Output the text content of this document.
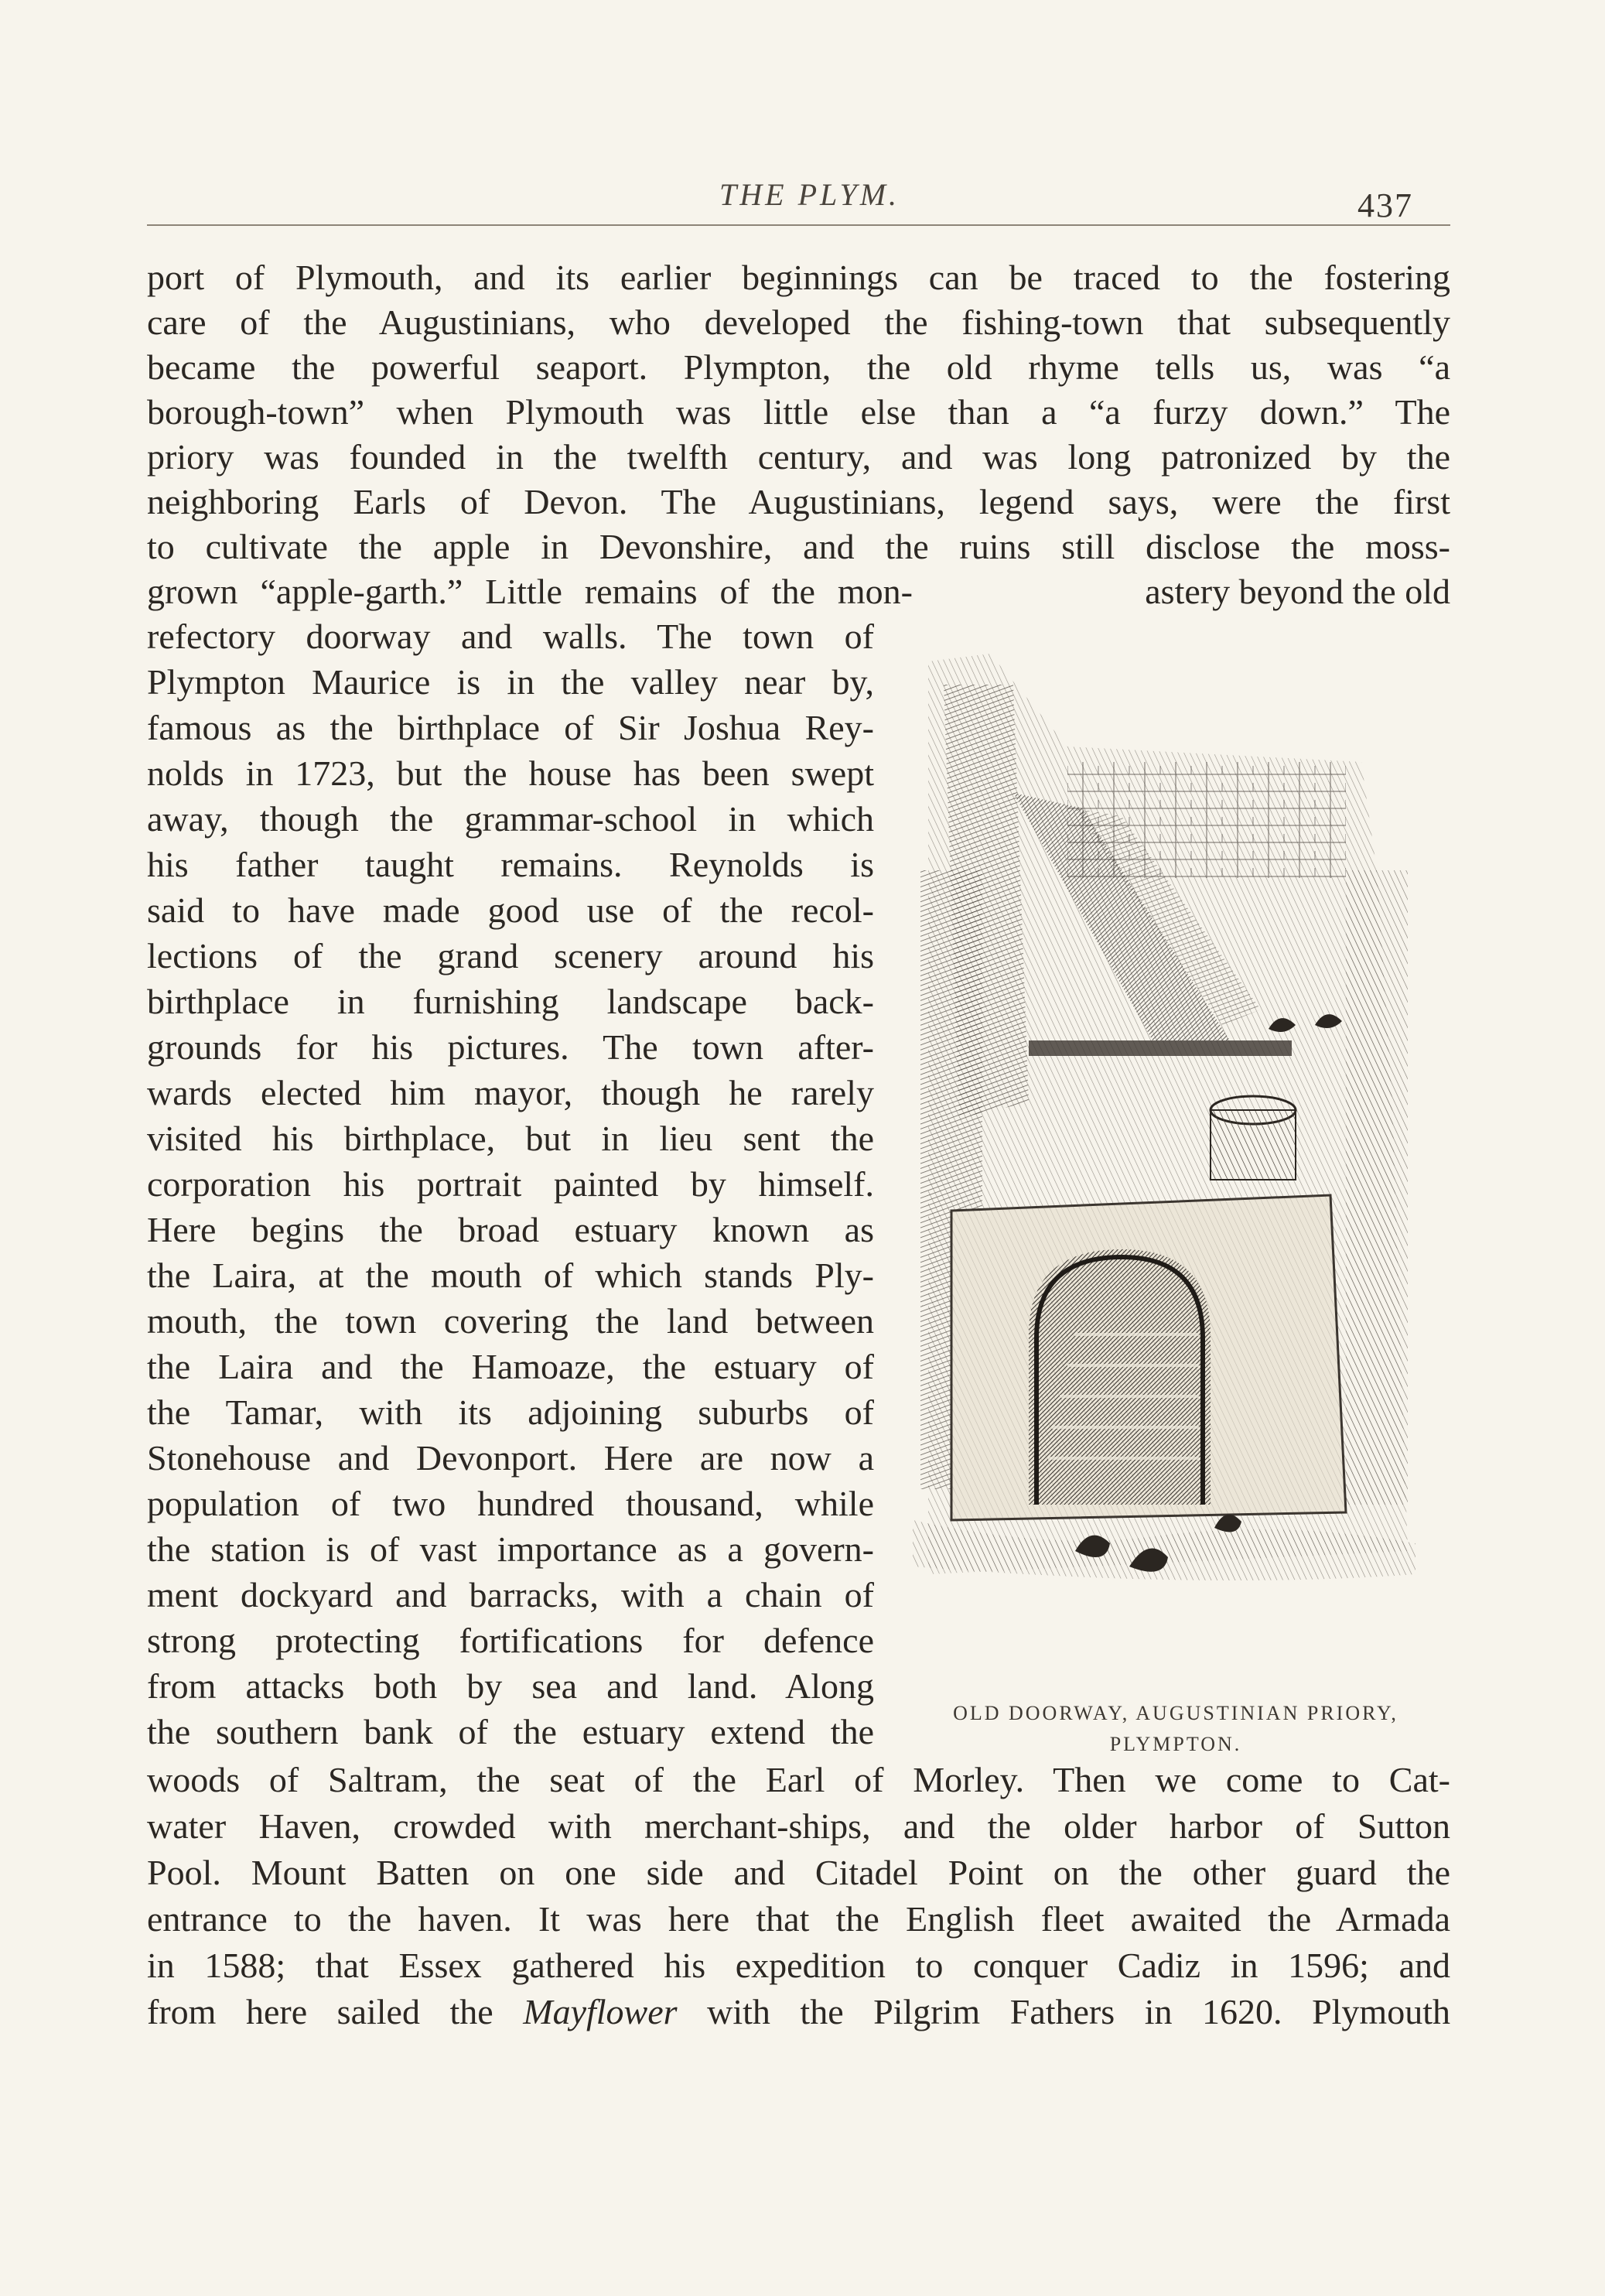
THE PLYM.	437
port of Plymouth, and its earlier beginnings can be traced to the fostering
care of the Augustinians, who developed the fishing-town that subsequently
became the powerful seaport. Plympton, the old rhyme tells us, was “a
borough-town” when Plymouth was little else than a “a furzy down.” The
priory was founded in the twelfth century, and was long patronized by the
neighboring Earls of Devon. The Augustinians, legend says, were the first
to cultivate the apple in Devonshire, and the ruins still disclose the moss-
grown “apple-garth.” Little remains of the mon-	astery beyond the old
refectory doorway and walls. The town of
Plympton Maurice is in the valley near by,
famous as the birthplace of Sir Joshua Rey-
nolds in 1723, but the house has been swept
away, though the grammar-school in which
his father taught remains. Reynolds is
said to have made good use of the recol-
lections of the grand scenery around his
birthplace in furnishing landscape back-
grounds for his pictures. The town after-
wards elected him mayor, though he rarely
visited his birthplace, but in lieu sent the
corporation his portrait painted by himself.
Here begins the broad estuary known as
the Laira, at the mouth of which stands Ply-
mouth, the town covering the land between
the Laira and the Hamoaze, the estuary of
the Tamar, with its adjoining suburbs of
Stonehouse and Devonport. Here are now a
population of two hundred thousand, while
the station is of vast importance as a govern-
ment dockyard and barracks, with a chain of
strong protecting fortifications for defence
from attacks both by sea and land. Along
the southern bank of the estuary extend the
woods of Saltram, the seat of the Earl of Morley. Then we come to Cat-
water Haven, crowded with merchant-ships, and the older harbor of Sutton
Pool. Mount Batten on one side and Citadel Point on the other guard the
entrance to the haven. It was here that the English fleet awaited the Armada
in 1588; that Essex gathered his expedition to conquer Cadiz in 1596; and
from here sailed the Mayflower with the Pilgrim Fathers in 1620. Plymouth
OLD DOORWAY, AUGUSTINIAN PRIORY,
PLYMPTON.
